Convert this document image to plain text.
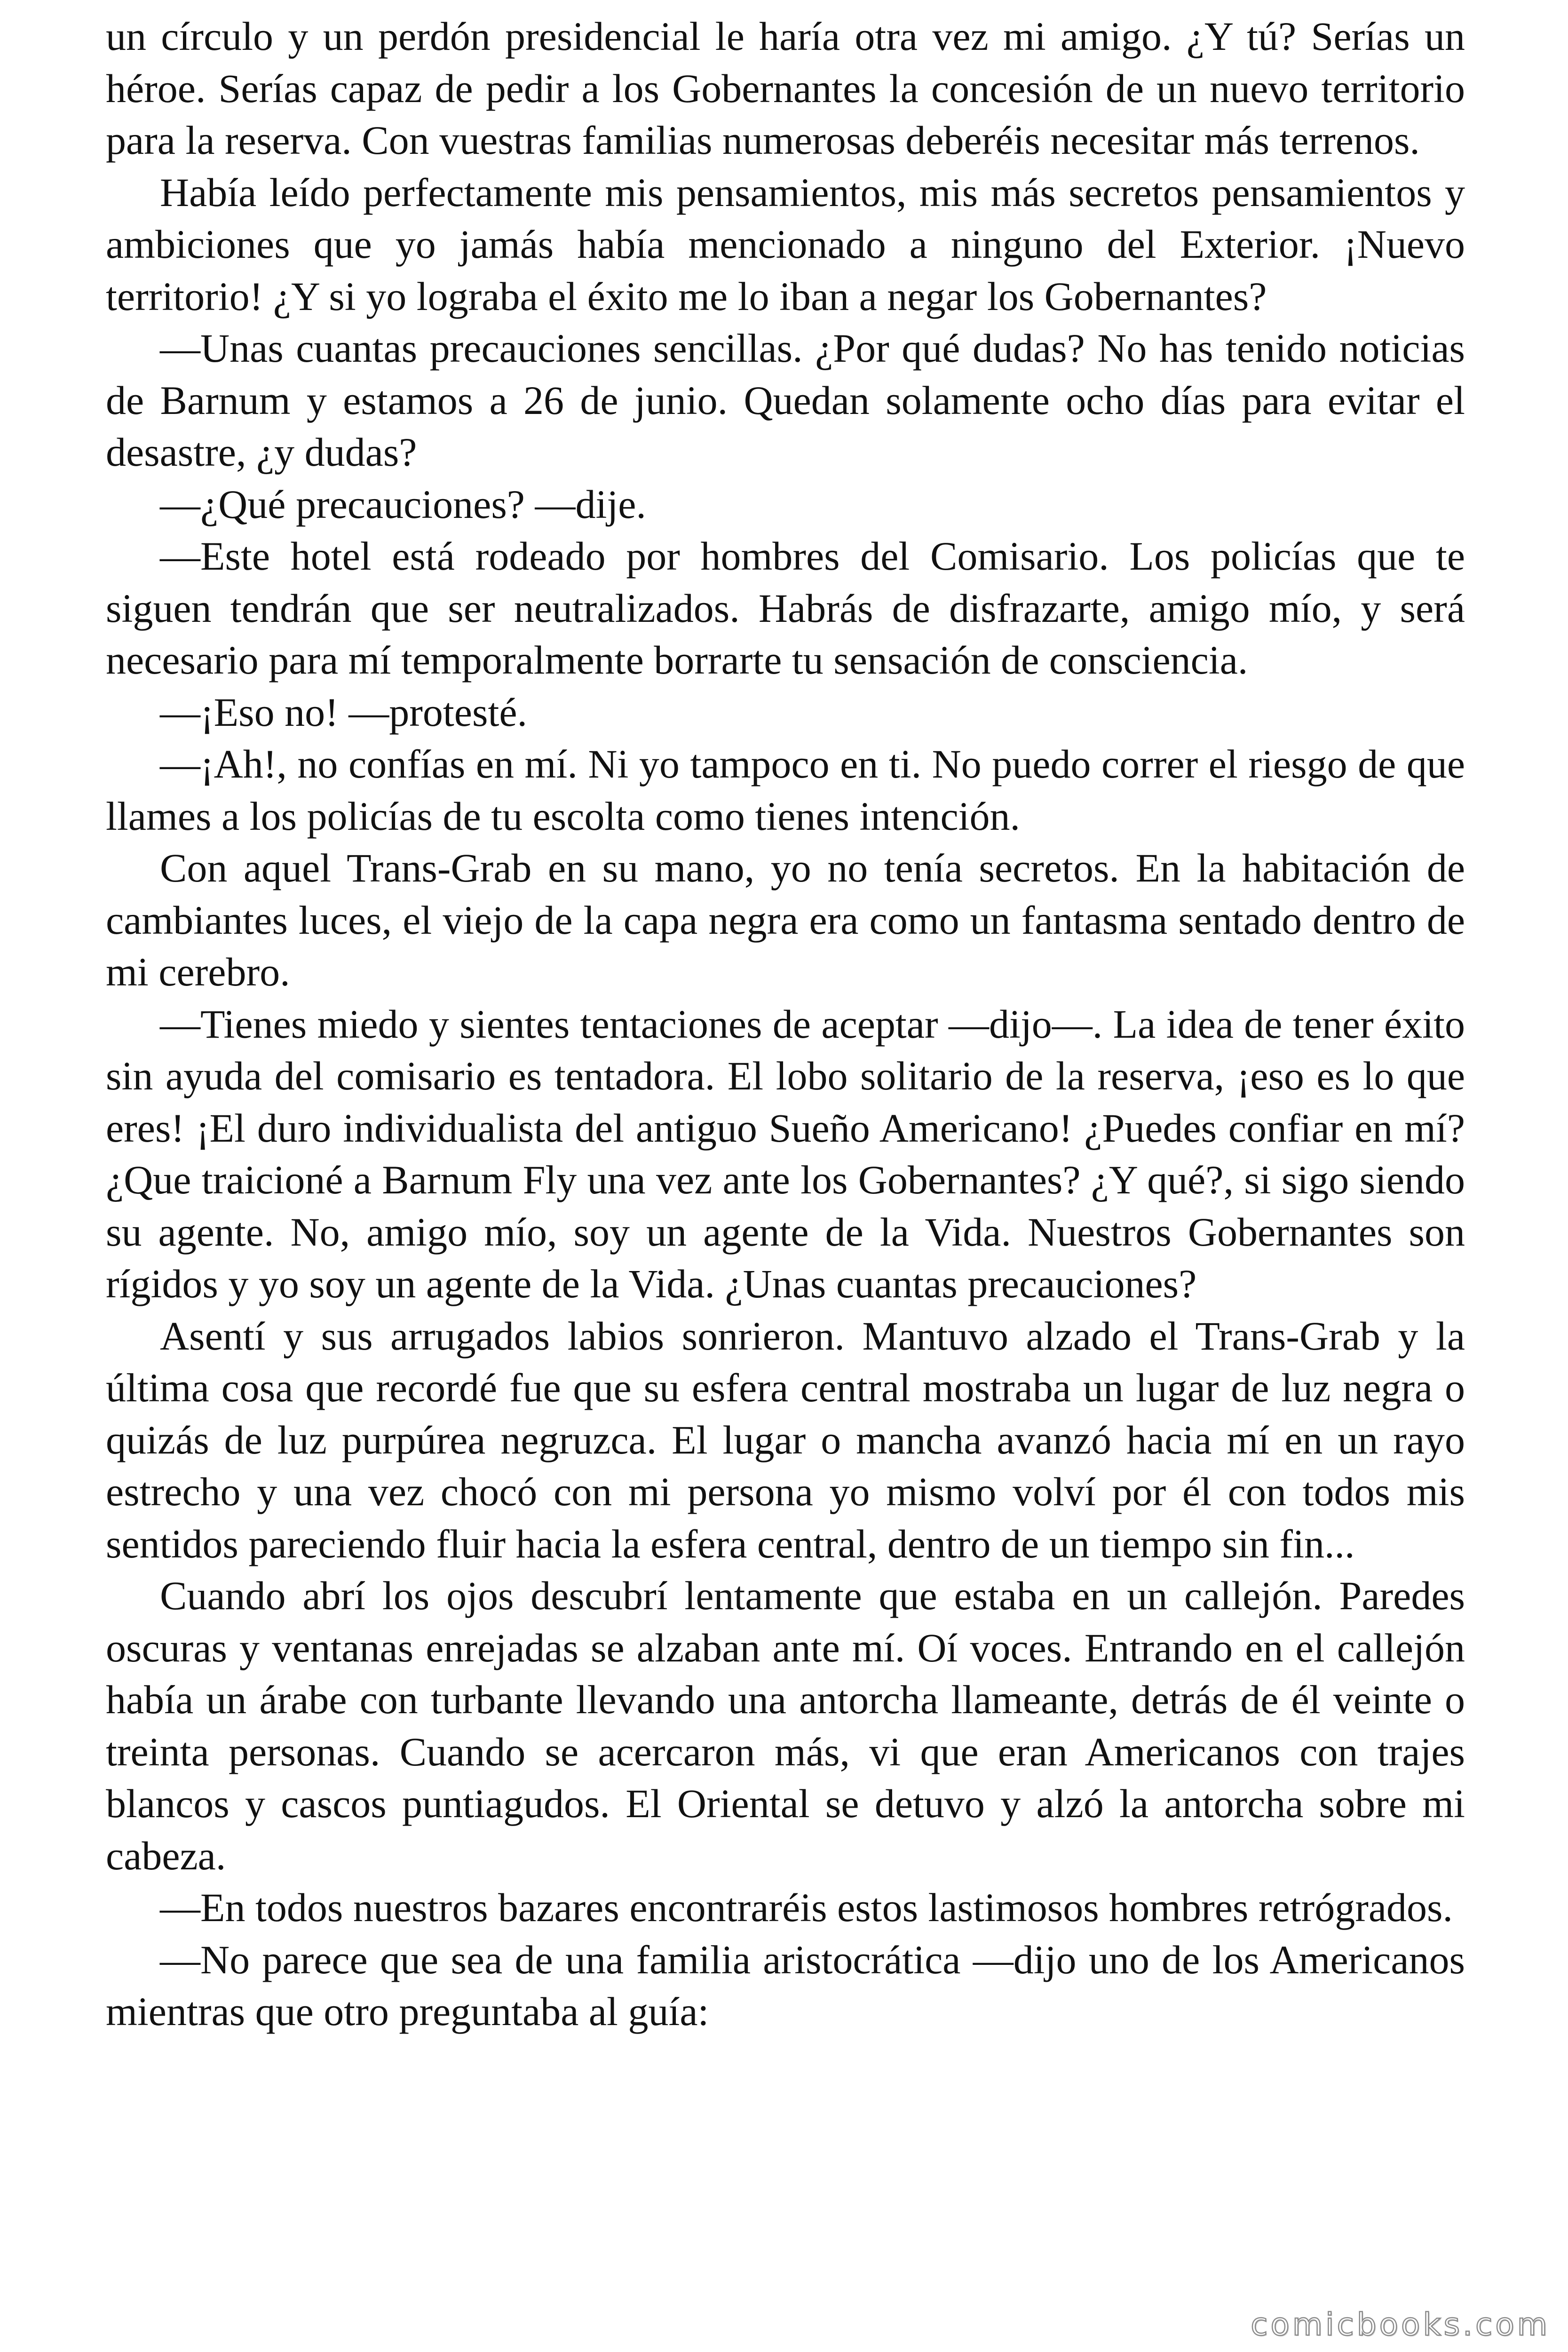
un círculo y un perdón presidencial le haría otra vez mi amigo. ¿Y tú? Serías un héroe. Serías capaz de pedir a los Gobernantes la concesión de un nuevo territorio para la reserva. Con vuestras familias numerosas deberéis necesitar más terrenos.

Había leído perfectamente mis pensamientos, mis más secretos pensamientos y ambiciones que yo jamás había mencionado a ninguno del Exterior. ¡Nuevo territorio! ¿Y si yo lograba el éxito me lo iban a negar los Gobernantes?

—Unas cuantas precauciones sencillas. ¿Por qué dudas? No has tenido noticias de Barnum y estamos a 26 de junio. Quedan solamente ocho días para evitar el desastre, ¿y dudas?

—¿Qué precauciones? —dije.

—Este hotel está rodeado por hombres del Comisario. Los policías que te siguen tendrán que ser neutralizados. Habrás de disfrazarte, amigo mío, y será necesario para mí temporalmente borrarte tu sensación de consciencia.

—¡Eso no! —protesté.

—¡Ah!, no confías en mí. Ni yo tampoco en ti. No puedo correr el riesgo de que llames a los policías de tu escolta como tienes intención.

Con aquel Trans-Grab en su mano, yo no tenía secretos. En la habitación de cambiantes luces, el viejo de la capa negra era como un fantasma sentado dentro de mi cerebro.

—Tienes miedo y sientes tentaciones de aceptar —dijo—. La idea de tener éxito sin ayuda del comisario es tentadora. El lobo solitario de la reserva, ¡eso es lo que eres! ¡El duro individualista del antiguo Sueño Americano! ¿Puedes confiar en mí? ¿Que traicioné a Barnum Fly una vez ante los Gobernantes? ¿Y qué?, si sigo siendo su agente. No, amigo mío, soy un agente de la Vida. Nuestros Gobernantes son rígidos y yo soy un agente de la Vida. ¿Unas cuantas precauciones?

Asentí y sus arrugados labios sonrieron. Mantuvo alzado el Trans-Grab y la última cosa que recordé fue que su esfera central mostraba un lugar de luz negra o quizás de luz purpúrea negruzca. El lugar o mancha avanzó hacia mí en un rayo estrecho y una vez chocó con mi persona yo mismo volví por él con todos mis sentidos pareciendo fluir hacia la esfera central, dentro de un tiempo sin fin...

Cuando abrí los ojos descubrí lentamente que estaba en un callejón. Paredes oscuras y ventanas enrejadas se alzaban ante mí. Oí voces. Entrando en el callejón había un árabe con turbante llevando una antorcha llameante, detrás de él veinte o treinta personas. Cuando se acercaron más, vi que eran Americanos con trajes blancos y cascos puntiagudos. El Oriental se detuvo y alzó la antorcha sobre mi cabeza.

—En todos nuestros bazares encontraréis estos lastimosos hombres retrógrados.

—No parece que sea de una familia aristocrática —dijo uno de los Americanos mientras que otro preguntaba al guía:

comicbooks.com
